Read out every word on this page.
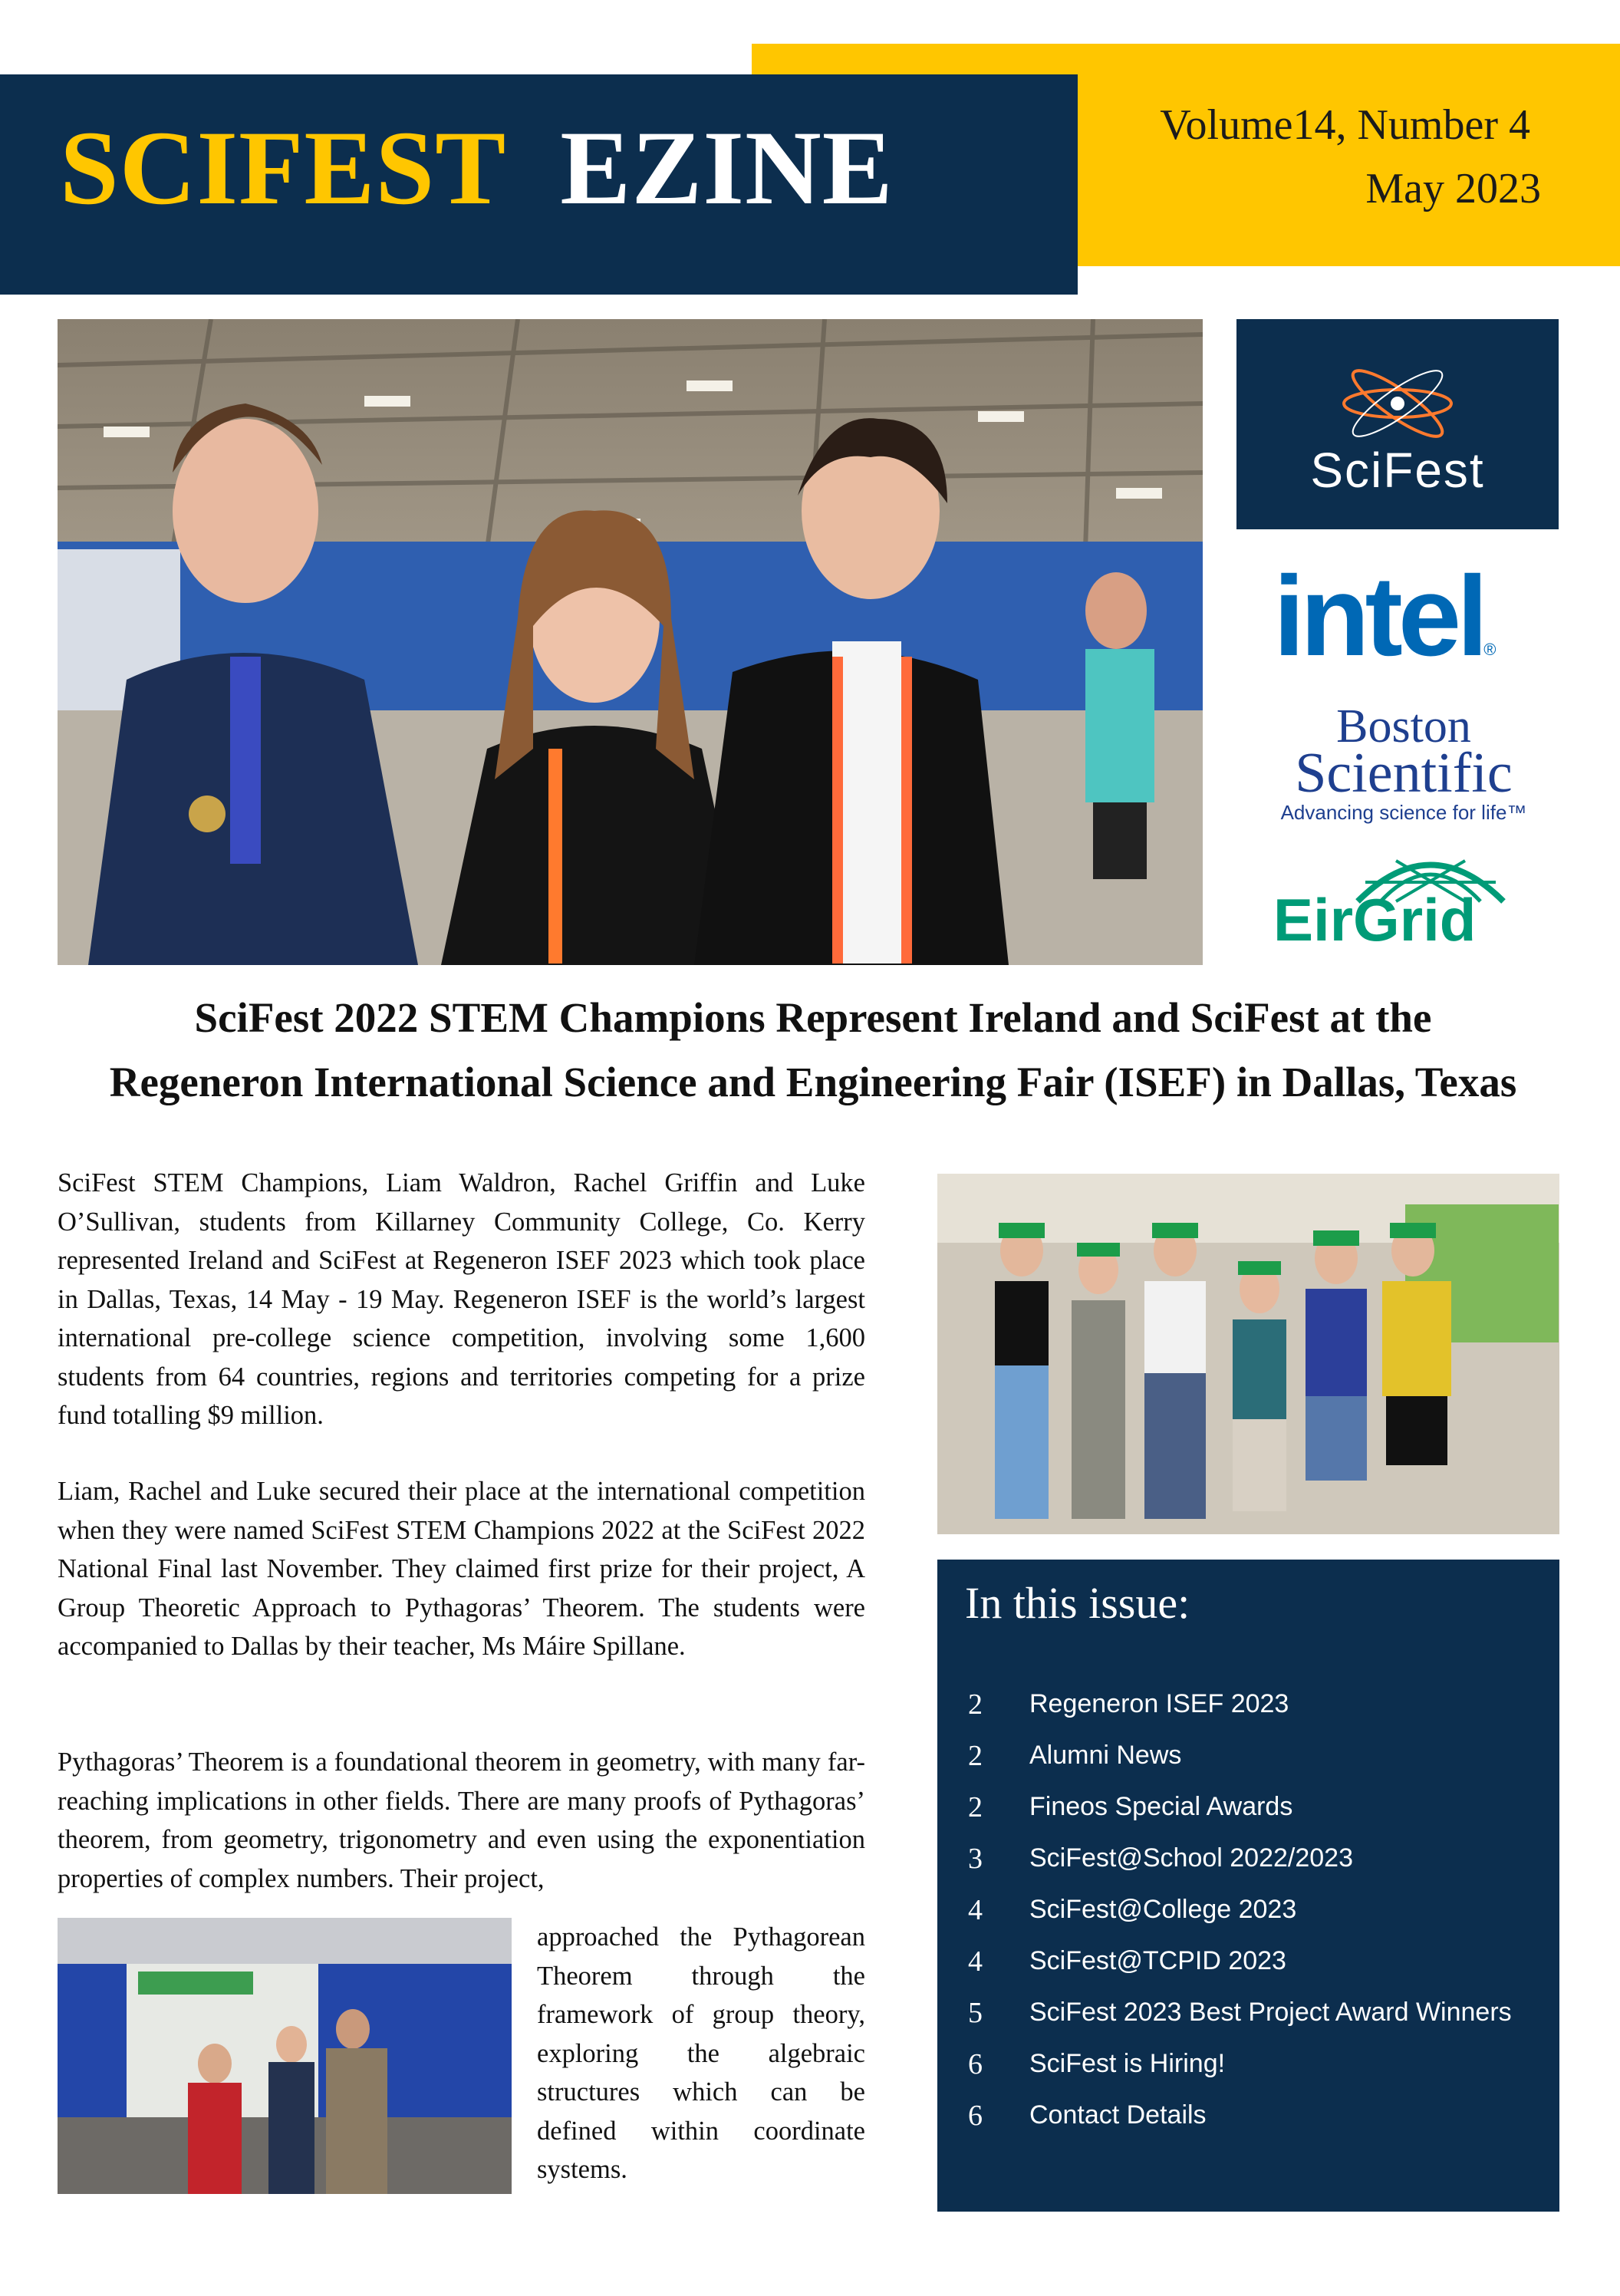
SCIFEST EZINE	Volume14, Number 4
May 2023
SciFest
intel®
Boston
Scientific
Advancing science for life™
EirGrid
SciFest 2022 STEM Champions Represent Ireland and SciFest at the
Regeneron International Science and Engineering Fair (ISEF) in Dallas, Texas
SciFest STEM Champions, Liam Waldron, Rachel Griffin and Luke O’Sullivan, students from Killarney Community College, Co. Kerry represented Ireland and SciFest at Regeneron ISEF 2023 which took place in Dallas, Texas, 14 May - 19 May. Regeneron ISEF is the world’s largest international pre-college science competition, involving some 1,600 students from 64 countries, regions and territories competing for a prize fund totalling $9 million.
Liam, Rachel and Luke secured their place at the international competition when they were named SciFest STEM Champions 2022 at the SciFest 2022 National Final last November. They claimed first prize for their project, A Group Theoretic Approach to Pythagoras’ Theorem. The students were accompanied to Dallas by their teacher, Ms Máire Spillane.
Pythagoras’ Theorem is a foundational theorem in geometry, with many far-reaching implications in other fields. There are many proofs of Pythagoras’ theorem, from geometry, trigonometry and even using the exponentiation properties of complex numbers. Their project,
approached the Pythagorean Theorem through the framework of group theory, exploring the algebraic structures which can be defined within coordinate systems.
In this issue:
2	Regeneron ISEF 2023
2	Alumni News
2	Fineos Special Awards
3	SciFest@School 2022/2023
4	SciFest@College 2023
4	SciFest@TCPID 2023
5	SciFest 2023 Best Project Award Winners
6	SciFest is Hiring!
6	Contact Details
